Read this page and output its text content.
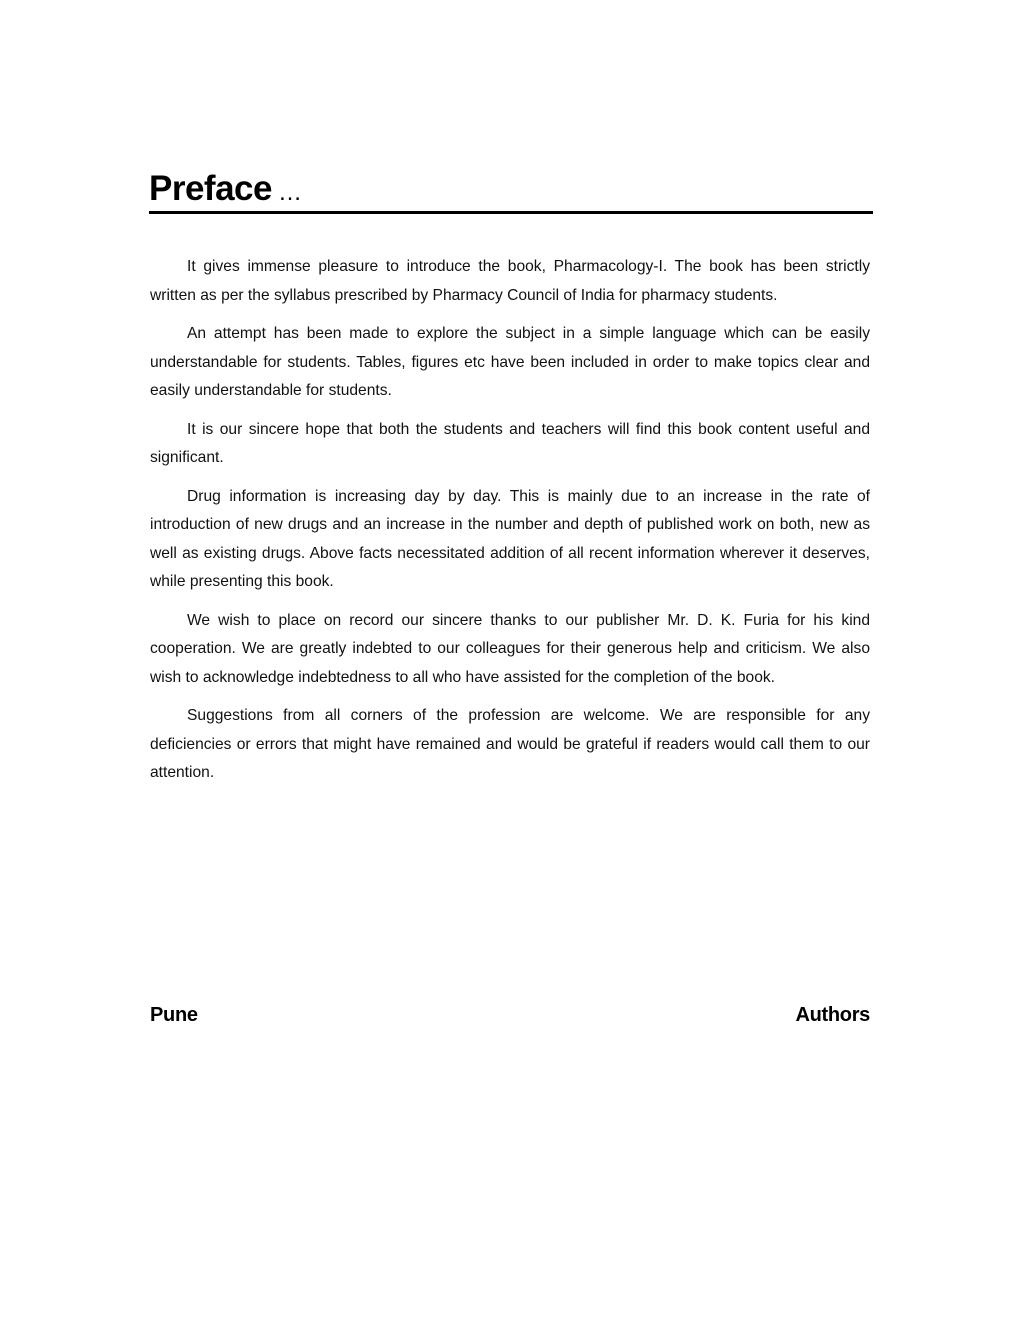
Preface …

It gives immense pleasure to introduce the book, Pharmacology-I. The book has been strictly written as per the syllabus prescribed by Pharmacy Council of India for pharmacy students.

An attempt has been made to explore the subject in a simple language which can be easily understandable for students. Tables, figures etc have been included in order to make topics clear and easily understandable for students.

It is our sincere hope that both the students and teachers will find this book content useful and significant.

Drug information is increasing day by day. This is mainly due to an increase in the rate of introduction of new drugs and an increase in the number and depth of published work on both, new as well as existing drugs. Above facts necessitated addition of all recent information wherever it deserves, while presenting this book.

We wish to place on record our sincere thanks to our publisher Mr. D. K. Furia for his kind cooperation. We are greatly indebted to our colleagues for their generous help and criticism. We also wish to acknowledge indebtedness to all who have assisted for the completion of the book.

Suggestions from all corners of the profession are welcome. We are responsible for any deficiencies or errors that might have remained and would be grateful if readers would call them to our attention.

Pune	Authors
